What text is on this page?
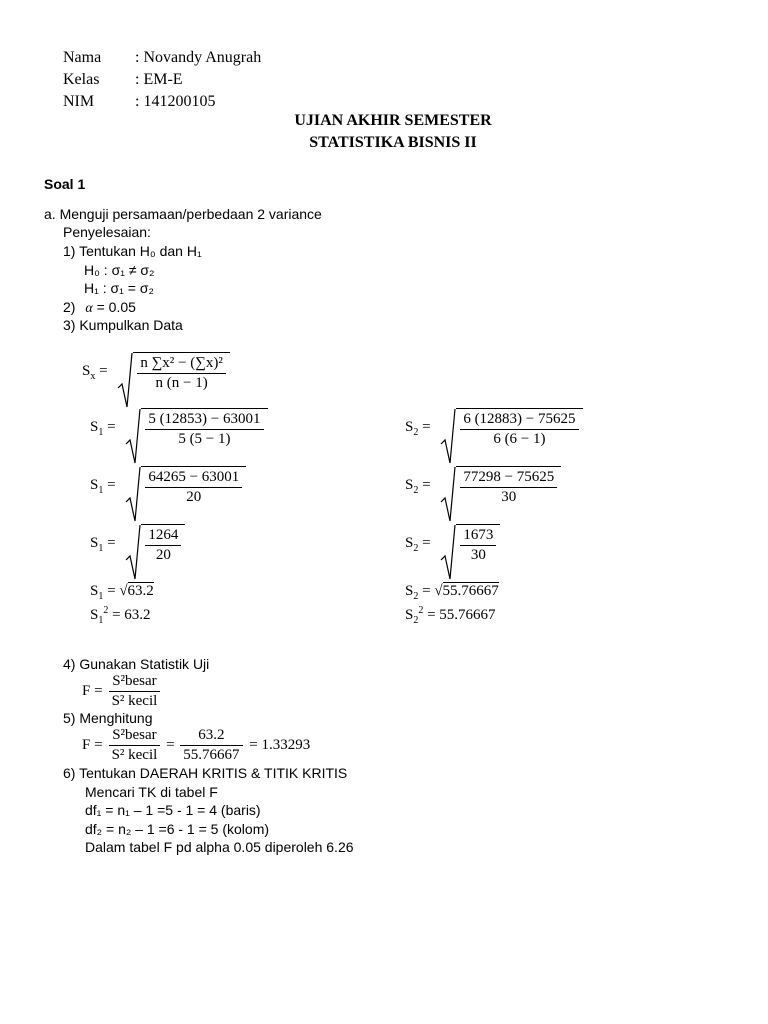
Nama : Novandy Anugrah
Kelas : EM-E
NIM	: 141200105
UJIAN AKHIR SEMESTER
STATISTIKA BISNIS II
Soal 1
a. Menguji persamaan/perbedaan 2 variance
Penyelesaian:
1) Tentukan H₀ dan H₁
H₀ : σ₁ ≠ σ₂
H₁ : σ₁ = σ₂
2) α = 0.05
3) Kumpulkan Data
$S_x = \frac{\text{n ∑x² − (∑x)²}}{n (n - 1)}$
$S_1 = \frac{5 (12853) - 63001}{5 (5 - 1)}$
$S_1 = \frac{64265 - 63001}{20}$
$S_1 = \frac{1264}{20}$
$S_1 = √63.2$
$S_1^2 = 63.2$
$S_2 = \frac{6 (12883) - 75625}{6 (6 - 1)}$
$S_2 = \frac{77298 - 75625}{30}$
$S_2 = \frac{1673}{30}$
$S_2 = √55.76667$
$S_2^2 = 55.76667$
4) Gunakan Statistik Uji
$F = \frac{\text{S²besar}}{\text{S² kecil}}$
5) Menghitung
$F = \frac{\text{S²besar}}{\text{S² kecil}} = \frac{63.2}{55.76667} = 1.33293$
6) Tentukan DAERAH KRITIS & TITIK KRITIS
Mencari TK di tabel F
df₁ = n₁ – 1 =5 - 1 = 4 (baris)
df₂ = n₂ – 1 =6 - 1 = 5 (kolom)
Dalam tabel F pd alpha 0.05 diperoleh 6.26
